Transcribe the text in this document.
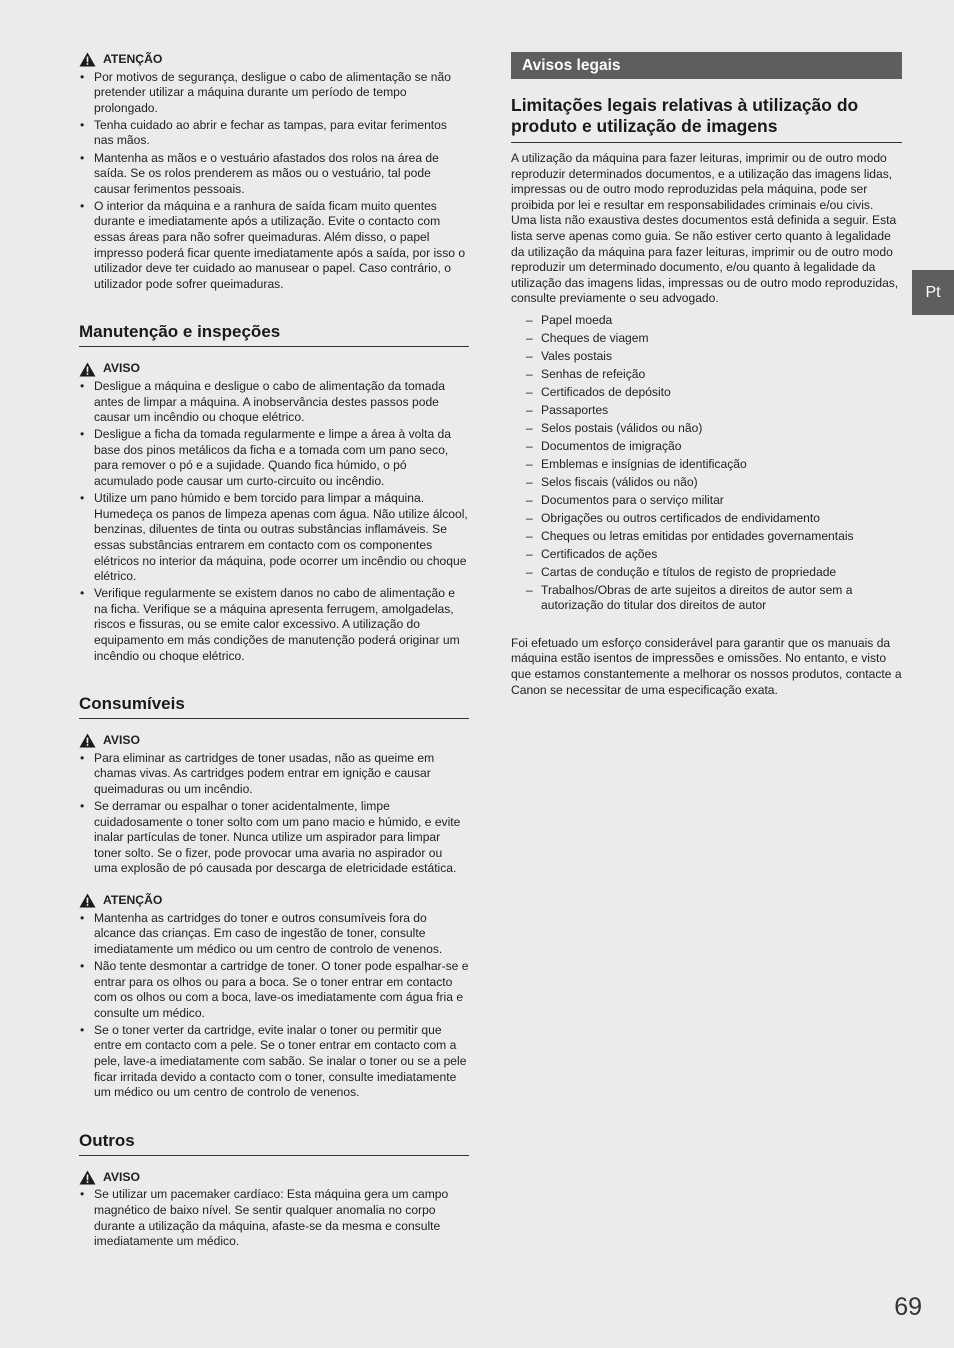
ATENÇÃO
• Por motivos de segurança, desligue o cabo de alimentação se não pretender utilizar a máquina durante um período de tempo prolongado.
• Tenha cuidado ao abrir e fechar as tampas, para evitar ferimentos nas mãos.
• Mantenha as mãos e o vestuário afastados dos rolos na área de saída. Se os rolos prenderem as mãos ou o vestuário, tal pode causar ferimentos pessoais.
• O interior da máquina e a ranhura de saída ficam muito quentes durante e imediatamente após a utilização. Evite o contacto com essas áreas para não sofrer queimaduras. Além disso, o papel impresso poderá ficar quente imediatamente após a saída, por isso o utilizador deve ter cuidado ao manusear o papel. Caso contrário, o utilizador pode sofrer queimaduras.
Manutenção e inspeções
AVISO
• Desligue a máquina e desligue o cabo de alimentação da tomada antes de limpar a máquina. A inobservância destes passos pode causar um incêndio ou choque elétrico.
• Desligue a ficha da tomada regularmente e limpe a área à volta da base dos pinos metálicos da ficha e a tomada com um pano seco, para remover o pó e a sujidade. Quando fica húmido, o pó acumulado pode causar um curto-circuito ou incêndio.
• Utilize um pano húmido e bem torcido para limpar a máquina. Humedeça os panos de limpeza apenas com água. Não utilize álcool, benzinas, diluentes de tinta ou outras substâncias inflamáveis. Se essas substâncias entrarem em contacto com os componentes elétricos no interior da máquina, pode ocorrer um incêndio ou choque elétrico.
• Verifique regularmente se existem danos no cabo de alimentação e na ficha. Verifique se a máquina apresenta ferrugem, amolgadelas, riscos e fissuras, ou se emite calor excessivo. A utilização do equipamento em más condições de manutenção poderá originar um incêndio ou choque elétrico.
Consumíveis
AVISO
• Para eliminar as cartridges de toner usadas, não as queime em chamas vivas. As cartridges podem entrar em ignição e causar queimaduras ou um incêndio.
• Se derramar ou espalhar o toner acidentalmente, limpe cuidadosamente o toner solto com um pano macio e húmido, e evite inalar partículas de toner. Nunca utilize um aspirador para limpar toner solto. Se o fizer, pode provocar uma avaria no aspirador ou uma explosão de pó causada por descarga de eletricidade estática.
ATENÇÃO
• Mantenha as cartridges do toner e outros consumíveis fora do alcance das crianças. Em caso de ingestão de toner, consulte imediatamente um médico ou um centro de controlo de venenos.
• Não tente desmontar a cartridge de toner. O toner pode espalhar-se e entrar para os olhos ou para a boca. Se o toner entrar em contacto com os olhos ou com a boca, lave-os imediatamente com água fria e consulte um médico.
• Se o toner verter da cartridge, evite inalar o toner ou permitir que entre em contacto com a pele. Se o toner entrar em contacto com a pele, lave-a imediatamente com sabão. Se inalar o toner ou se a pele ficar irritada devido a contacto com o toner, consulte imediatamente um médico ou um centro de controlo de venenos.
Outros
AVISO
• Se utilizar um pacemaker cardíaco: Esta máquina gera um campo magnético de baixo nível. Se sentir qualquer anomalia no corpo durante a utilização da máquina, afaste-se da mesma e consulte imediatamente um médico.
Avisos legais
Limitações legais relativas à utilização do produto e utilização de imagens

A utilização da máquina para fazer leituras, imprimir ou de outro modo reproduzir determinados documentos, e a utilização das imagens lidas, impressas ou de outro modo reproduzidas pela máquina, pode ser proibida por lei e resultar em responsabilidades criminais e/ou civis. Uma lista não exaustiva destes documentos está definida a seguir. Esta lista serve apenas como guia. Se não estiver certo quanto à legalidade da utilização da máquina para fazer leituras, imprimir ou de outro modo reproduzir um determinado documento, e/ou quanto à legalidade da utilização das imagens lidas, impressas ou de outro modo reproduzidas, consulte previamente o seu advogado.

– Papel moeda
– Cheques de viagem
– Vales postais
– Senhas de refeição
– Certificados de depósito
– Passaportes
– Selos postais (válidos ou não)
– Documentos de imigração
– Emblemas e insígnias de identificação
– Selos fiscais (válidos ou não)
– Documentos para o serviço militar
– Obrigações ou outros certificados de endividamento
– Cheques ou letras emitidas por entidades governamentais
– Certificados de ações
– Cartas de condução e títulos de registo de propriedade
– Trabalhos/Obras de arte sujeitos a direitos de autor sem a autorização do titular dos direitos de autor

Foi efetuado um esforço considerável para garantir que os manuais da máquina estão isentos de impressões e omissões. No entanto, e visto que estamos constantemente a melhorar os nossos produtos, contacte a Canon se necessitar de uma especificação exata.

Pt
69
